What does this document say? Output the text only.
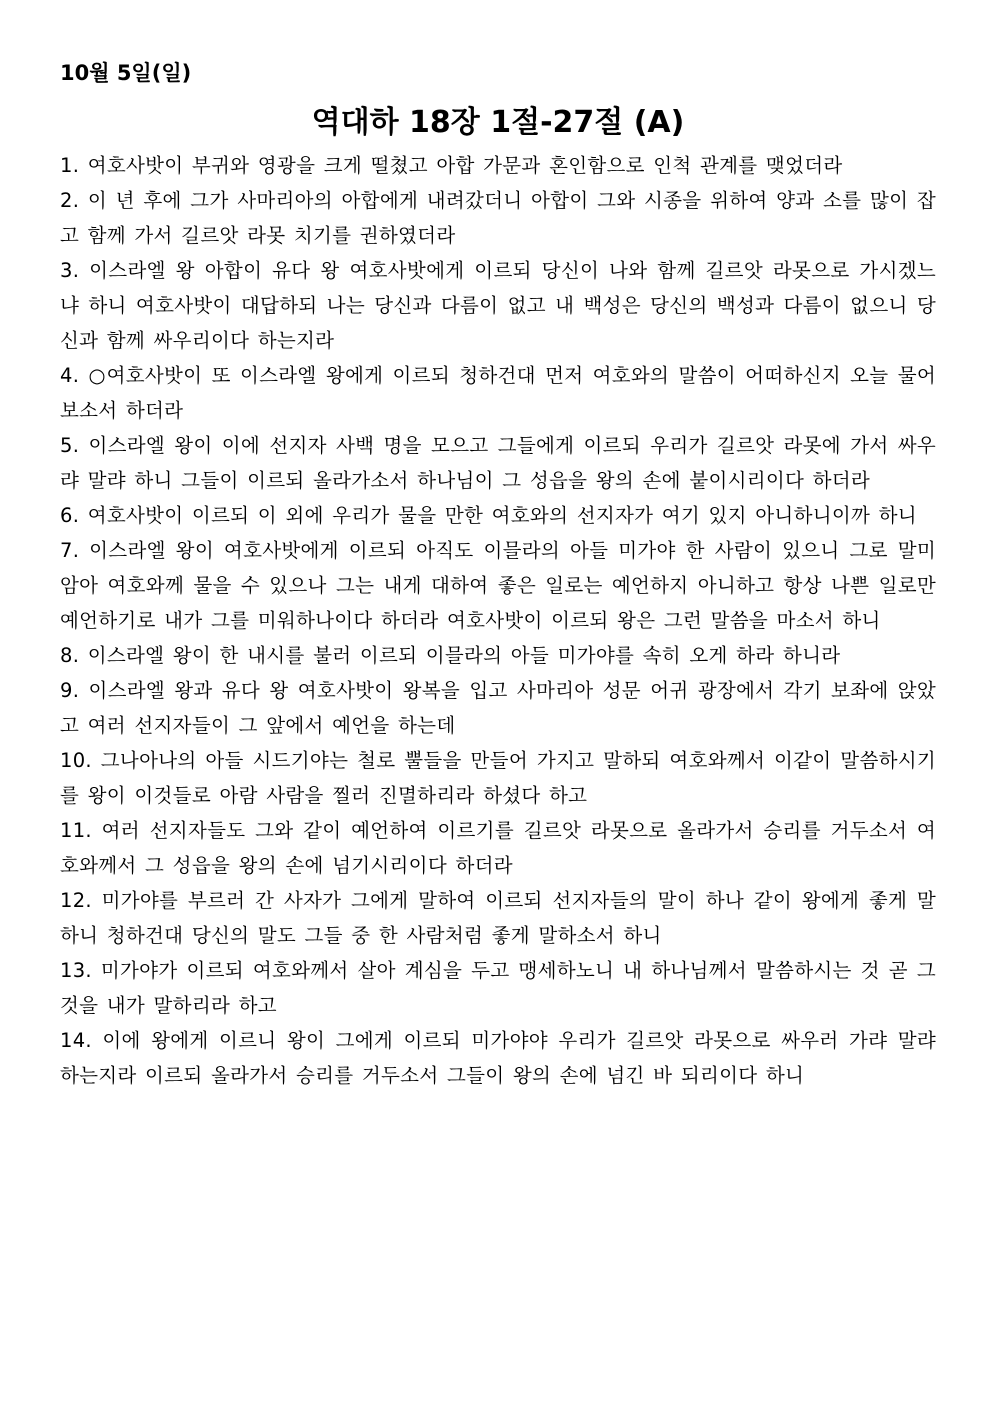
10월 5일(일)
역대하 18장 1절-27절 (A)

1. 여호사밧이 부귀와 영광을 크게 떨쳤고 아합 가문과 혼인함으로 인척 관계를 맺었더라

2. 이 년 후에 그가 사마리아의 아합에게 내려갔더니 아합이 그와 시종을 위하여 양과 소를 많이 잡고 함께 가서 길르앗 라못 치기를 권하였더라

3. 이스라엘 왕 아합이 유다 왕 여호사밧에게 이르되 당신이 나와 함께 길르앗 라못으로 가시겠느냐 하니 여호사밧이 대답하되 나는 당신과 다름이 없고 내 백성은 당신의 백성과 다름이 없으니 당신과 함께 싸우리이다 하는지라

4. ○여호사밧이 또 이스라엘 왕에게 이르되 청하건대 먼저 여호와의 말씀이 어떠하신지 오늘 물어 보소서 하더라

5. 이스라엘 왕이 이에 선지자 사백 명을 모으고 그들에게 이르되 우리가 길르앗 라못에 가서 싸우랴 말랴 하니 그들이 이르되 올라가소서 하나님이 그 성읍을 왕의 손에 붙이시리이다 하더라

6. 여호사밧이 이르되 이 외에 우리가 물을 만한 여호와의 선지자가 여기 있지 아니하니이까 하니

7. 이스라엘 왕이 여호사밧에게 이르되 아직도 이믈라의 아들 미가야 한 사람이 있으니 그로 말미암아 여호와께 물을 수 있으나 그는 내게 대하여 좋은 일로는 예언하지 아니하고 항상 나쁜 일로만 예언하기로 내가 그를 미워하나이다 하더라 여호사밧이 이르되 왕은 그런 말씀을 마소서 하니

8. 이스라엘 왕이 한 내시를 불러 이르되 이믈라의 아들 미가야를 속히 오게 하라 하니라

9. 이스라엘 왕과 유다 왕 여호사밧이 왕복을 입고 사마리아 성문 어귀 광장에서 각기 보좌에 앉았고 여러 선지자들이 그 앞에서 예언을 하는데

10. 그나아나의 아들 시드기야는 철로 뿔들을 만들어 가지고 말하되 여호와께서 이같이 말씀하시기를 왕이 이것들로 아람 사람을 찔러 진멸하리라 하셨다 하고

11. 여러 선지자들도 그와 같이 예언하여 이르기를 길르앗 라못으로 올라가서 승리를 거두소서 여호와께서 그 성읍을 왕의 손에 넘기시리이다 하더라

12. 미가야를 부르러 간 사자가 그에게 말하여 이르되 선지자들의 말이 하나 같이 왕에게 좋게 말하니 청하건대 당신의 말도 그들 중 한 사람처럼 좋게 말하소서 하니

13. 미가야가 이르되 여호와께서 살아 계심을 두고 맹세하노니 내 하나님께서 말씀하시는 것 곧 그것을 내가 말하리라 하고

14. 이에 왕에게 이르니 왕이 그에게 이르되 미가야야 우리가 길르앗 라못으로 싸우러 가랴 말랴 하는지라 이르되 올라가서 승리를 거두소서 그들이 왕의 손에 넘긴 바 되리이다 하니
